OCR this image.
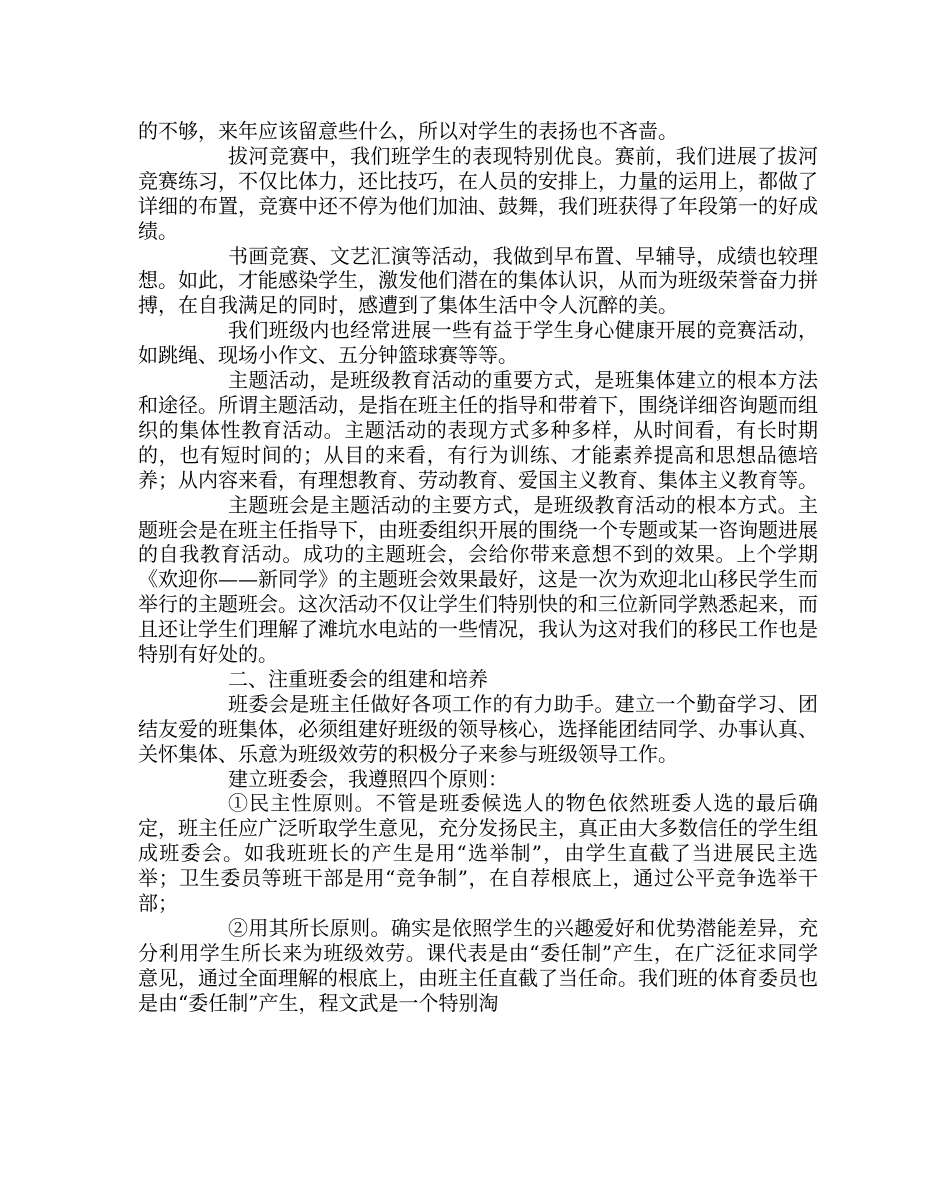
的不够，来年应该留意些什么，所以对学生的表扬也不吝啬。

拔河竞赛中，我们班学生的表现特别优良。赛前，我们进展了拔河竞赛练习，不仅比体力，还比技巧，在人员的安排上，力量的运用上，都做了详细的布置，竞赛中还不停为他们加油、鼓舞，我们班获得了年段第一的好成绩。

书画竞赛、文艺汇演等活动，我做到早布置、早辅导，成绩也较理想。如此，才能感染学生，激发他们潜在的集体认识，从而为班级荣誉奋力拼搏，在自我满足的同时，感遭到了集体生活中令人沉醉的美。

我们班级内也经常进展一些有益于学生身心健康开展的竞赛活动，如跳绳、现场小作文、五分钟篮球赛等等。

主题活动，是班级教育活动的重要方式，是班集体建立的根本方法和途径。所谓主题活动，是指在班主任的指导和带着下，围绕详细咨询题而组织的集体性教育活动。主题活动的表现方式多种多样，从时间看，有长时期的，也有短时间的；从目的来看，有行为训练、才能素养提高和思想品德培养；从内容来看，有理想教育、劳动教育、爱国主义教育、集体主义教育等。

主题班会是主题活动的主要方式，是班级教育活动的根本方式。主题班会是在班主任指导下，由班委组织开展的围绕一个专题或某一咨询题进展的自我教育活动。成功的主题班会，会给你带来意想不到的效果。上个学期《欢迎你——新同学》的主题班会效果最好，这是一次为欢迎北山移民学生而举行的主题班会。这次活动不仅让学生们特别快的和三位新同学熟悉起来，而且还让学生们理解了滩坑水电站的一些情况，我认为这对我们的移民工作也是特别有好处的。

二、注重班委会的组建和培养

班委会是班主任做好各项工作的有力助手。建立一个勤奋学习、团结友爱的班集体，必须组建好班级的领导核心，选择能团结同学、办事认真、关怀集体、乐意为班级效劳的积极分子来参与班级领导工作。

建立班委会，我遵照四个原则：

①民主性原则。不管是班委候选人的物色依然班委人选的最后确定，班主任应广泛听取学生意见，充分发扬民主，真正由大多数信任的学生组成班委会。如我班班长的产生是用“选举制”，由学生直截了当进展民主选举；卫生委员等班干部是用“竞争制”，在自荐根底上，通过公平竞争选举干部；

②用其所长原则。确实是依照学生的兴趣爱好和优势潜能差异，充分利用学生所长来为班级效劳。课代表是由“委任制”产生，在广泛征求同学意见，通过全面理解的根底上，由班主任直截了当任命。我们班的体育委员也是由“委任制”产生，程文武是一个特别淘
